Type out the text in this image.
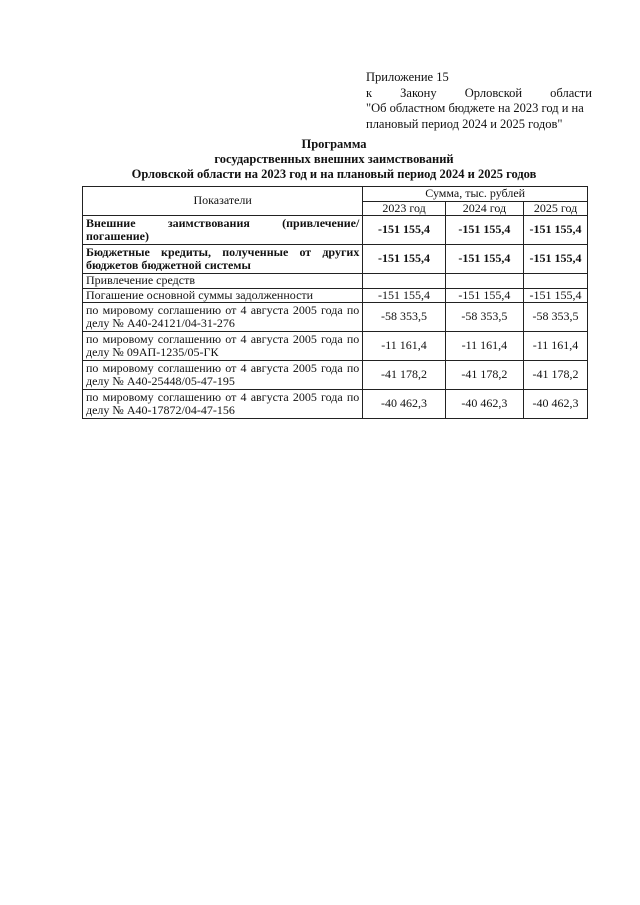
Приложение 15
к Закону Орловской области
"Об областном бюджете на 2023 год и на
плановый период 2024 и 2025 годов"
Программа
государственных внешних заимствований
Орловской области на 2023 год и на плановый период 2024 и 2025 годов
Показатели	Сумма, тыс. рублей		
	2023 год	2024 год	2025 год
Внешние заимствования (привлечение/погашение)	-151 155,4	-151 155,4	-151 155,4
Бюджетные кредиты, полученные от других бюджетов бюджетной системы	-151 155,4	-151 155,4	-151 155,4
Привлечение средств			
Погашение основной суммы задолженности	-151 155,4	-151 155,4	-151 155,4
по мировому соглашению от 4 августа 2005 года по делу № А40-24121/04-31-276	-58 353,5	-58 353,5	-58 353,5
по мировому соглашению от 4 августа 2005 года по делу № 09АП-1235/05-ГК	-11 161,4	-11 161,4	-11 161,4
по мировому соглашению от 4 августа 2005 года по делу № А40-25448/05-47-195	-41 178,2	-41 178,2	-41 178,2
по мировому соглашению от 4 августа 2005 года по делу № А40-17872/04-47-156	-40 462,3	-40 462,3	-40 462,3
